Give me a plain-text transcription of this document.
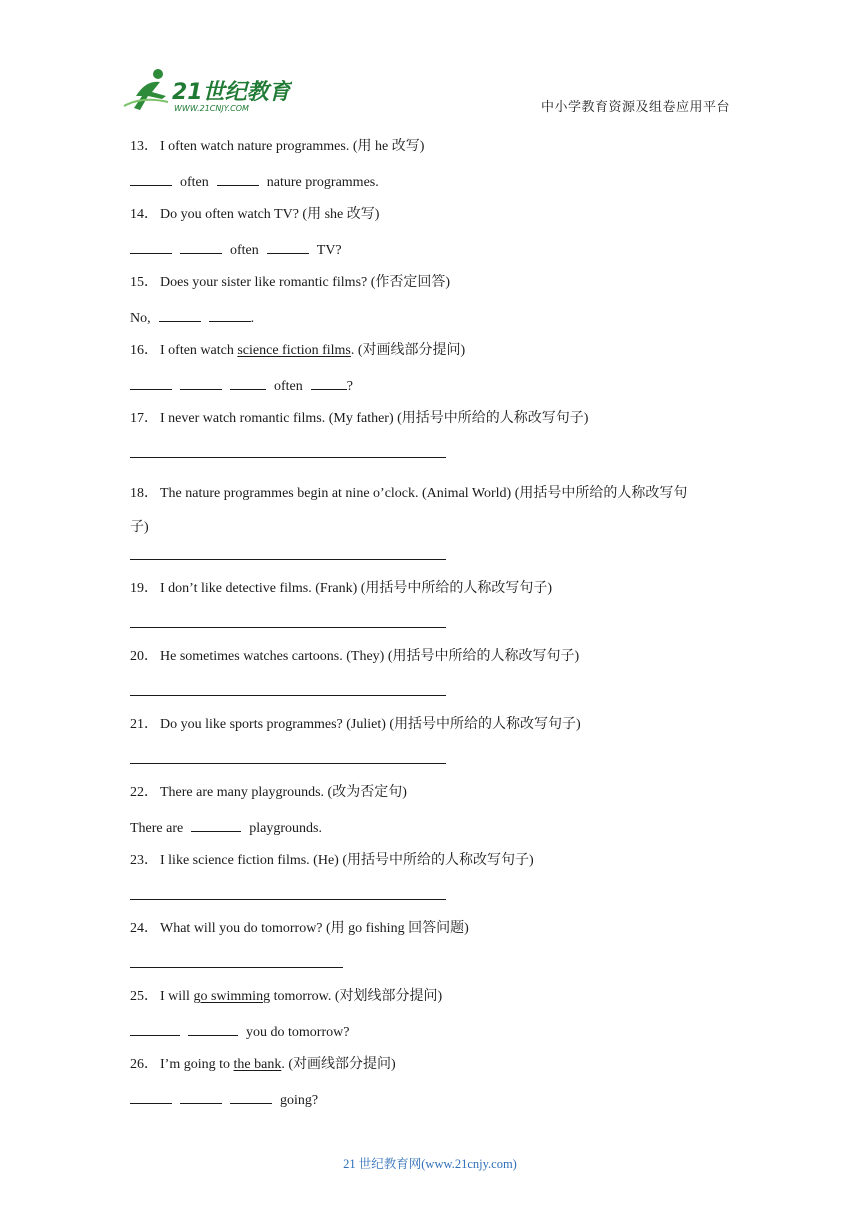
21世纪教育
WWW.21CNJY.COM	中小学教育资源及组卷应用平台
13． I often watch nature programmes. (用 he 改写)
often	nature programmes.
14． Do you often watch TV? (用 she 改写)
often	TV?
15． Does your sister like romantic films? (作否定回答)
No,	.
16． I often watch science fiction films. (对画线部分提问)
often	?
17． I never watch romantic films. (My father) (用括号中所给的人称改写句子)
18． The nature programmes begin at nine o’clock. (Animal World) (用括号中所给的人称改写句
子)
19． I don’t like detective films. (Frank) (用括号中所给的人称改写句子)
20． He sometimes watches cartoons. (They) (用括号中所给的人称改写句子)
21． Do you like sports programmes? (Juliet) (用括号中所给的人称改写句子)
22． There are many playgrounds. (改为否定句)
There are	playgrounds.
23． I like science fiction films. (He) (用括号中所给的人称改写句子)
24． What will you do tomorrow? (用 go fishing 回答问题)
25． I will go swimming tomorrow. (对划线部分提问)
you do tomorrow?
26． I’m going to the bank. (对画线部分提问)
going?
21 世纪教育网(www.21cnjy.com)
